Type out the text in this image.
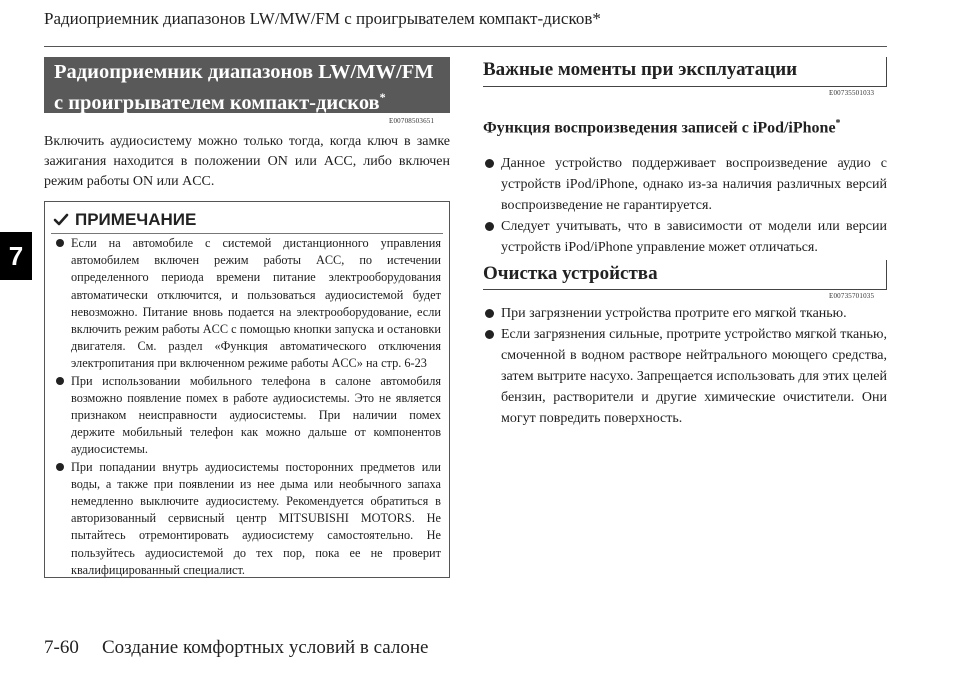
Радиоприемник диапазонов LW/MW/FM с проигрывателем компакт-дисков*
7
Радиоприемник диапазонов LW/MW/FM
с проигрывателем компакт-дисков*
E00708503651
Включить аудиосистему можно только тогда, когда ключ в замке зажигания находится в положении ON или ACC, либо включен режим работы ON или ACC.
ПРИМЕЧАНИЕ
Если на автомобиле с системой дистанционного управления автомобилем включен режим работы ACC, по истечении определенного периода времени питание электрооборудования автоматически отключится, и пользоваться аудиосистемой будет невозможно. Питание вновь подается на электрооборудование, если включить режим работы ACC с помощью кнопки запуска и остановки двигателя. См. раздел «Функция автоматического отключения электропитания при включенном режиме работы ACC» на стр. 6-23
При использовании мобильного телефона в салоне автомобиля возможно появление помех в работе аудиосистемы. Это не является признаком неисправности аудиосистемы. При наличии помех держите мобильный телефон как можно дальше от компонентов аудиосистемы.
При попадании внутрь аудиосистемы посторонних предметов или воды, а также при появлении из нее дыма или необычного запаха немедленно выключите аудиосистему. Рекомендуется обратиться в авторизованный сервисный центр MITSUBISHI MOTORS. Не пытайтесь отремонтировать аудиосистему самостоятельно. Не пользуйтесь аудиосистемой до тех пор, пока ее не проверит квалифицированный специалист.
Важные моменты при эксплуатации
E00735501033
Функция воспроизведения записей с iPod/iPhone*
Данное устройство поддерживает воспроизведение аудио с устройств iPod/iPhone, однако из-за наличия различных версий воспроизведение не гарантируется.
Следует учитывать, что в зависимости от модели или версии устройств iPod/iPhone управление может отличаться.
Очистка устройства
E00735701035
При загрязнении устройства протрите его мягкой тканью.
Если загрязнения сильные, протрите устройство мягкой тканью, смоченной в водном растворе нейтрального моющего средства, затем вытрите насухо. Запрещается использовать для этих целей бензин, растворители и другие химические очистители. Они могут повредить поверхность.
7-60 Создание комфортных условий в салоне
